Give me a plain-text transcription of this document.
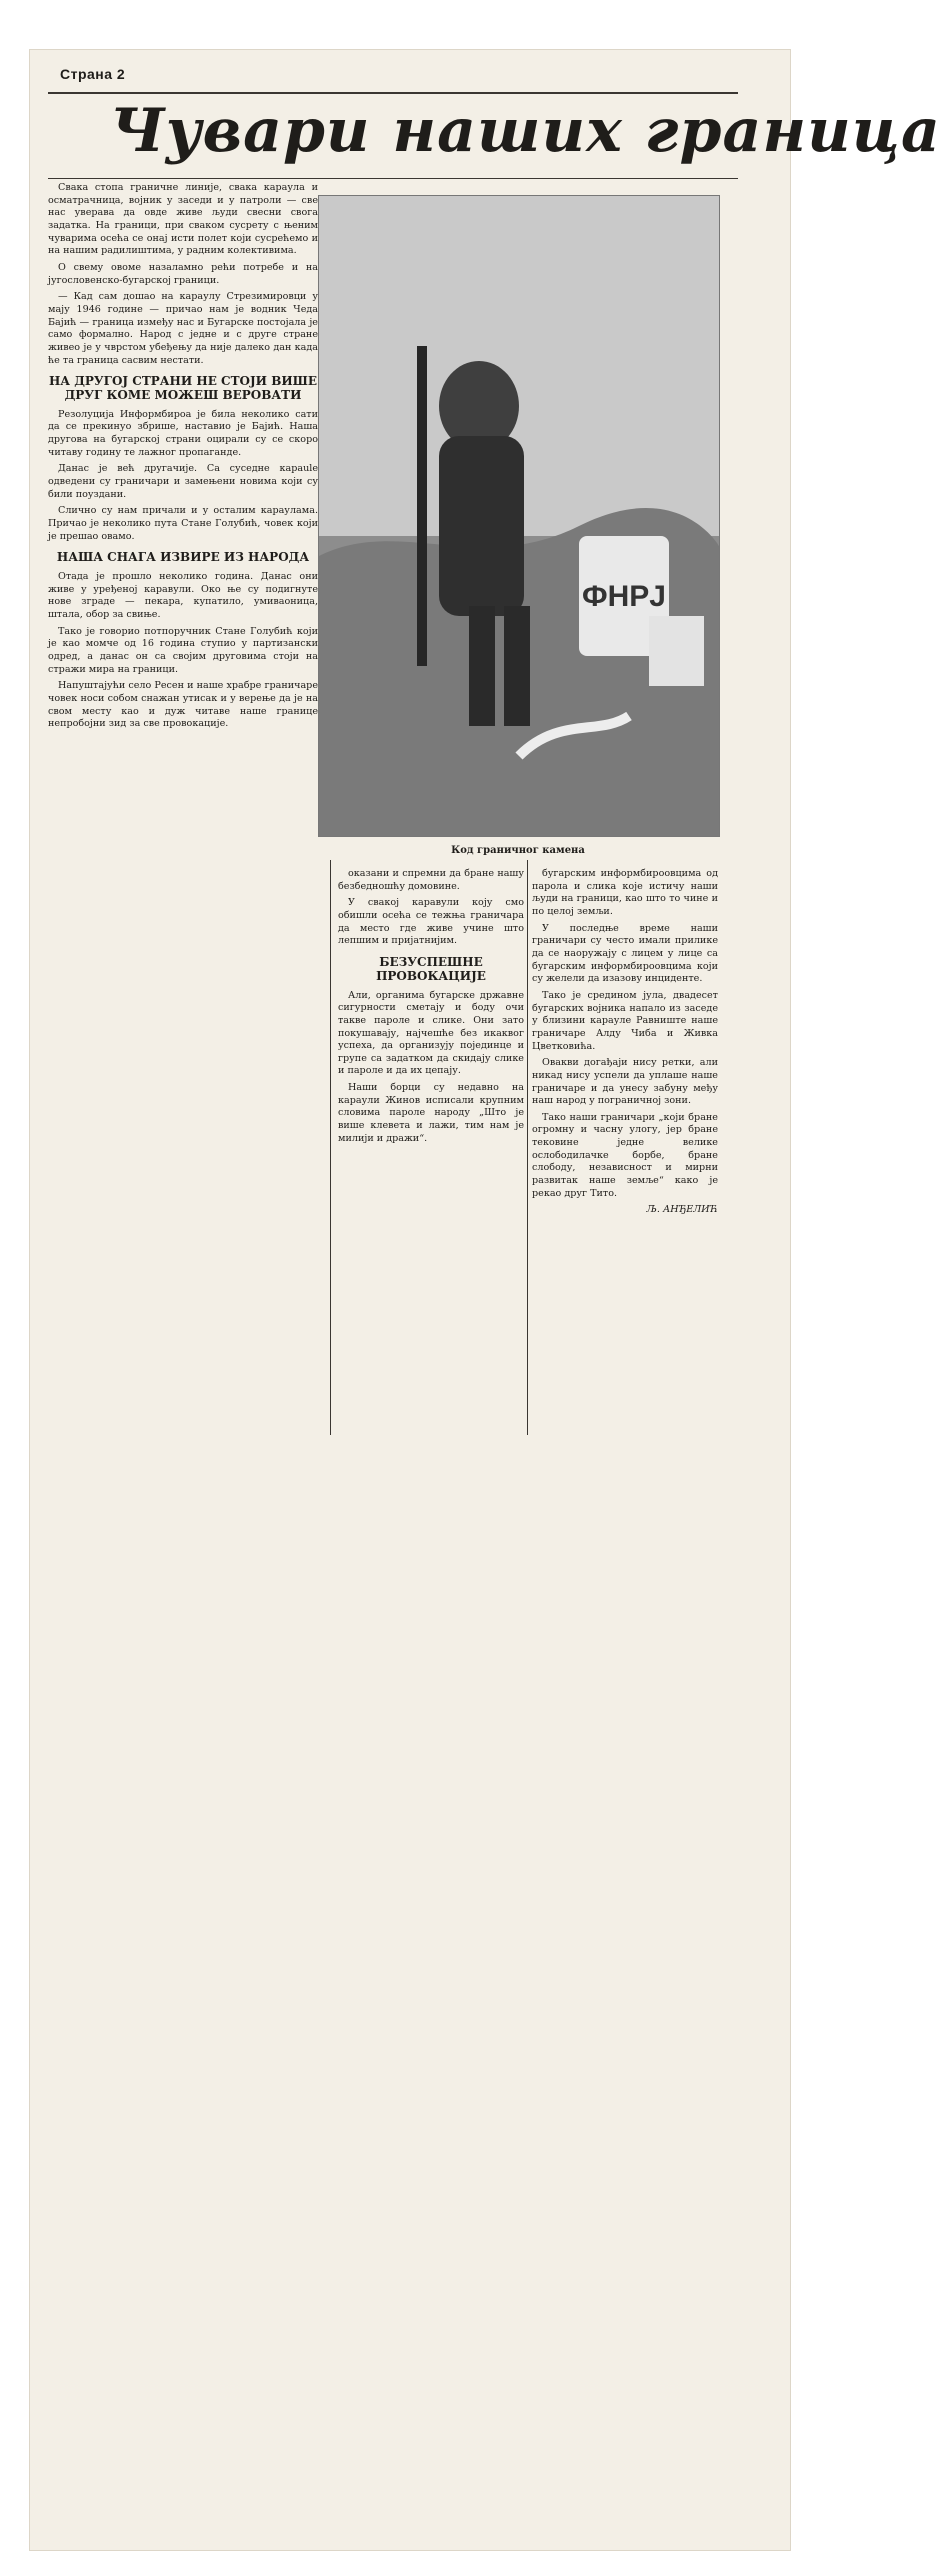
Страна 2
Чувари наших граница
ФНРЈ
Код граничног камена

Свака стопа граничне линије, свака караула и осматрачница, војник у заседи и у патроли — све нас уверава да овде живе људи свесни свога задатка. На граници, при сваком сусрету с њеним чуварима осећа се онај исти полет који сусрећемо и на нашим радилиштима, у радним колективима.

О свему овоме назаламно рећи потребе и на југословенско-бугарској граници.

— Кад сам дошао на караулу Стрезимировци у мају 1946 године — причао нам је водник Чеда Бајић — граница између нас и Бугарске постојала је само формално. Народ с једне и с друге стране живео је у чврстом убеђењу да није далеко дан када ће та граница сасвим нестати.

НА ДРУГОЈ СТРАНИ НЕ СТОЈИ ВИШЕ ДРУГ КОМЕ МОЖЕШ ВЕРОВАТИ

Резолуција Информбироа је била неколико сати да се прекинуо збрише, наставио је Бајић. Наша другова на бугарској страни оцирали су се скоро читаву годину те лажног пропаганде.

Данас је већ другачије. Са суседне караule одведени су граничари и замењени новима који су били поуздани.

Слично су нам причали и у осталим караулама. Причао је неколико пута Стане Голубић, човек који је прешао овамо.

НАША СНАГА ИЗВИРЕ ИЗ НАРОДА

Отада је прошло неколико година. Данас они живе у уређеној каравули. Око ње су подигнуте нове зграде — пекара, купатило, умиваоница, штала, обор за свиње.

Тако је говорио потпоручник Стане Голубић који је као момче од 16 година ступио у партизански одред, а данас он са својим друговима стоји на стражи мира на граници.

Напуштајући село Ресен и наше храбре граничаре човек носи собом снажан утисак и у верење да је на свом месту као и дуж читаве наше границе непробојни зид за све провокације.

оказани и спремни да бране нашу безбедношћу домовине.

У свакој каравули коју смо обишли осећа се тежња граничара да место где живе учине што лепшим и пријатнијим.

БЕЗУСПЕШНЕ ПРОВОКАЦИЈЕ

Али, органима бугарске државне сигурности сметају и боду очи такве пароле и слике. Они зато покушавају, најчешће без икаквог успеха, да организују појединце и групе са задатком да скидају слике и пароле и да их цепају.

Наши борци су недавно на караули Жинов исписали крупним словима пароле народу „Што је више клевета и лажи, тим нам је милији и дражи“.

бугарским информбироовцима од парола и слика које истичу наши људи на граници, као што то чине и по целој земљи.

У последње време наши граничари су често имали прилике да се наоружају с лицем у лице са бугарским информбироовцима који су желели да изазову инциденте.

Тако је средином јула, двадесет бугарских војника напало из заседе у близини карауле Равниште наше граничаре Алду Чиба и Живка Цветковића.

Овакви догађаји нису ретки, али никад нису успели да уплаше наше граничаре и да унесу забуну међу наш народ у пограничној зони.

Тако наши граничари „који бране огромну и часну улогу, јер бране тековине једне велике ослободилачке борбе, бране слободу, независност и мирни развитак наше земље“ како је рекао друг Тито.

Љ. АНЂЕЛИЋ
